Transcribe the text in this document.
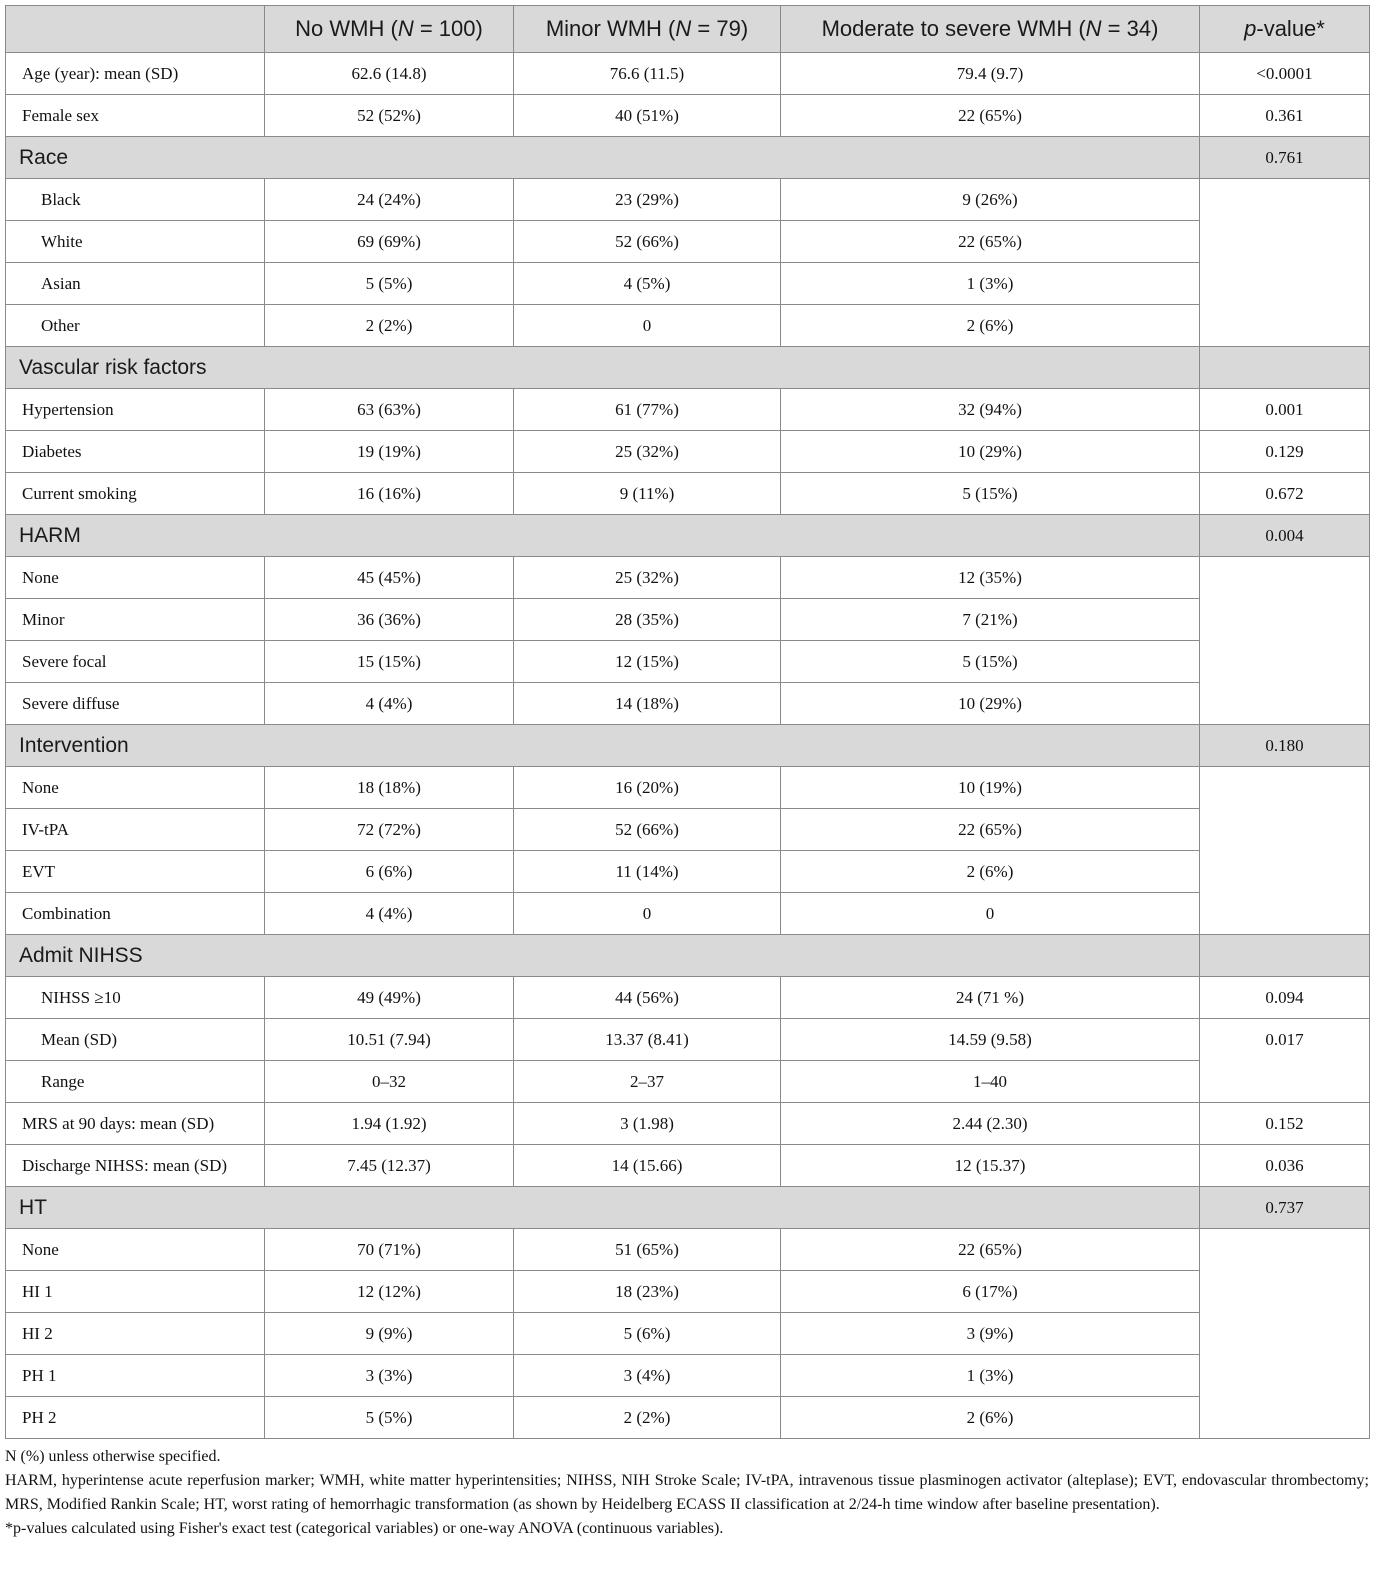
	No WMH (N = 100)	Minor WMH (N = 79)	Moderate to severe WMH (N = 34)	p-value*
Age (year): mean (SD)	62.6 (14.8)	76.6 (11.5)	79.4 (9.7)	<0.0001
Female sex	52 (52%)	40 (51%)	22 (65%)	0.361
Race				0.761
Black	24 (24%)	23 (29%)	9 (26%)	
White	69 (69%)	52 (66%)	22 (65%)	
Asian	5 (5%)	4 (5%)	1 (3%)	
Other	2 (2%)	0	2 (6%)	
Vascular risk factors				
Hypertension	63 (63%)	61 (77%)	32 (94%)	0.001
Diabetes	19 (19%)	25 (32%)	10 (29%)	0.129
Current smoking	16 (16%)	9 (11%)	5 (15%)	0.672
HARM				0.004
None	45 (45%)	25 (32%)	12 (35%)	
Minor	36 (36%)	28 (35%)	7 (21%)	
Severe focal	15 (15%)	12 (15%)	5 (15%)	
Severe diffuse	4 (4%)	14 (18%)	10 (29%)	
Intervention				0.180
None	18 (18%)	16 (20%)	10 (19%)	
IV-tPA	72 (72%)	52 (66%)	22 (65%)	
EVT	6 (6%)	11 (14%)	2 (6%)	
Combination	4 (4%)	0	0	
Admit NIHSS				
NIHSS ≥10	49 (49%)	44 (56%)	24 (71 %)	0.094
Mean (SD)	10.51 (7.94)	13.37 (8.41)	14.59 (9.58)	0.017
Range	0–32	2–37	1–40	
MRS at 90 days: mean (SD)	1.94 (1.92)	3 (1.98)	2.44 (2.30)	0.152
Discharge NIHSS: mean (SD)	7.45 (12.37)	14 (15.66)	12 (15.37)	0.036
HT				0.737
None	70 (71%)	51 (65%)	22 (65%)	
HI 1	12 (12%)	18 (23%)	6 (17%)	
HI 2	9 (9%)	5 (6%)	3 (9%)	
PH 1	3 (3%)	3 (4%)	1 (3%)	
PH 2	5 (5%)	2 (2%)	2 (6%)	

N (%) unless otherwise specified.

HARM, hyperintense acute reperfusion marker; WMH, white matter hyperintensities; NIHSS, NIH Stroke Scale; IV-tPA, intravenous tissue plasminogen activator (alteplase); EVT, endovascular thrombectomy; MRS, Modified Rankin Scale; HT, worst rating of hemorrhagic transformation (as shown by Heidelberg ECASS II classification at 2/24-h time window after baseline presentation).

*p-values calculated using Fisher's exact test (categorical variables) or one-way ANOVA (continuous variables).
